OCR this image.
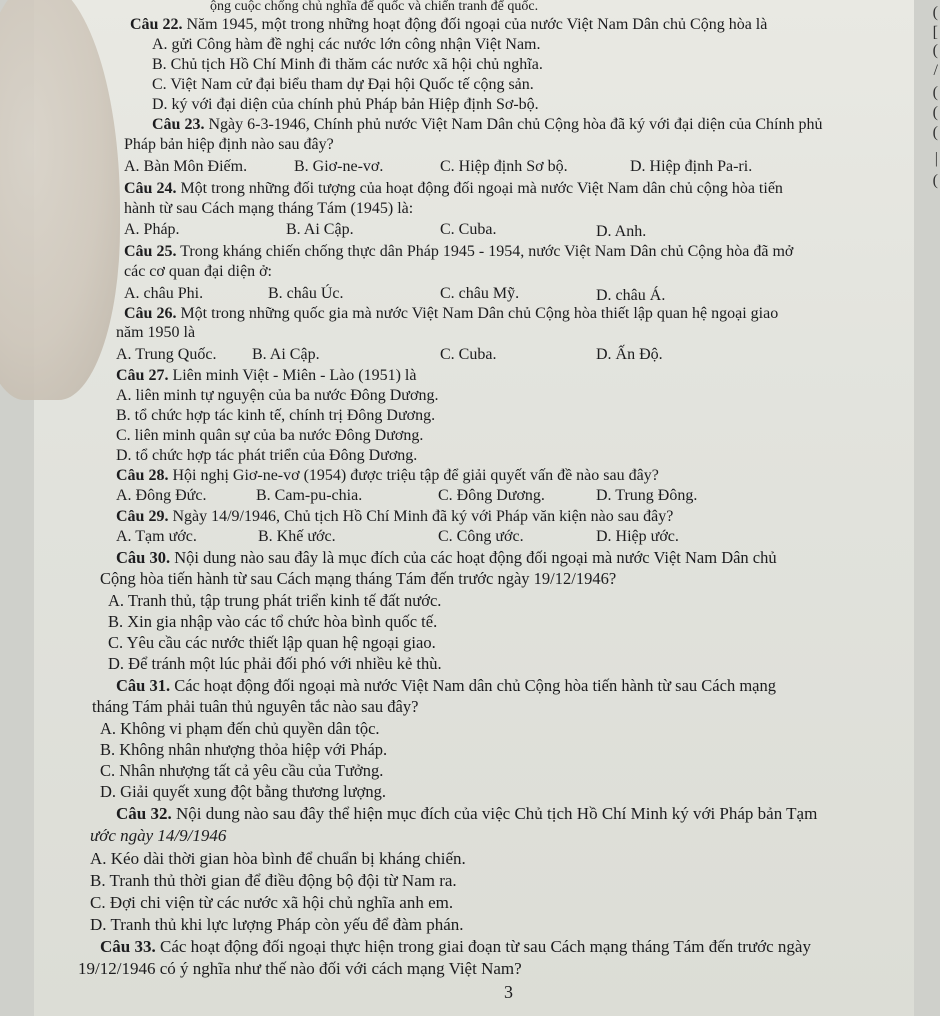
(
[
(
/
(
(
(
|
(
ộng cuộc chống chủ nghĩa đế quốc và chiến tranh để quốc.
Câu 22. Năm 1945, một trong những hoạt động đối ngoại của nước Việt Nam Dân chủ Cộng hòa là
A. gửi Công hàm đề nghị các nước lớn công nhận Việt Nam.
B. Chủ tịch Hồ Chí Minh đi thăm các nước xã hội chủ nghĩa.
C. Việt Nam cử đại biểu tham dự Đại hội Quốc tế cộng sản.
D. ký với đại diện của chính phủ Pháp bản Hiệp định Sơ-bộ.
Câu 23. Ngày 6-3-1946, Chính phủ nước Việt Nam Dân chủ Cộng hòa đã ký với đại diện của Chính phủ
Pháp bản hiệp định nào sau đây?
A. Bàn Môn Điếm.	B. Giơ-ne-vơ.	C. Hiệp định Sơ bộ.	D. Hiệp định Pa-ri.
Câu 24. Một trong những đối tượng của hoạt động đối ngoại mà nước Việt Nam dân chủ cộng hòa tiến
hành từ sau Cách mạng tháng Tám (1945) là:
A. Pháp.	B. Ai Cập.	C. Cuba.	D. Anh.
Câu 25. Trong kháng chiến chống thực dân Pháp 1945 - 1954, nước Việt Nam Dân chủ Cộng hòa đã mở
các cơ quan đại diện ở:
A. châu Phi.	B. châu Úc.	C. châu Mỹ.	D. châu Á.
Câu 26. Một trong những quốc gia mà nước Việt Nam Dân chủ Cộng hòa thiết lập quan hệ ngoại giao
năm 1950 là
A. Trung Quốc. B. Ai Cập.	C. Cuba.	D. Ấn Độ.
Câu 27. Liên minh Việt - Miên - Lào (1951) là
A. liên minh tự nguyện của ba nước Đông Dương.
B. tổ chức hợp tác kinh tế, chính trị Đông Dương.
C. liên minh quân sự của ba nước Đông Dương.
D. tổ chức hợp tác phát triển của Đông Dương.
Câu 28. Hội nghị Giơ-ne-vơ (1954) được triệu tập để giải quyết vấn đề nào sau đây?
A. Đông Đức.	B. Cam-pu-chia.	C. Đông Dương.	D. Trung Đông.
Câu 29. Ngày 14/9/1946, Chủ tịch Hồ Chí Minh đã ký với Pháp văn kiện nào sau đây?
A. Tạm ước.	B. Khế ước.	C. Công ước.	D. Hiệp ước.
Câu 30. Nội dung nào sau đây là mục đích của các hoạt động đối ngoại mà nước Việt Nam Dân chủ
Cộng hòa tiến hành từ sau Cách mạng tháng Tám đến trước ngày 19/12/1946?
A. Tranh thủ, tập trung phát triển kinh tế đất nước.
B. Xin gia nhập vào các tổ chức hòa bình quốc tế.
C. Yêu cầu các nước thiết lập quan hệ ngoại giao.
D. Để tránh một lúc phải đối phó với nhiều kẻ thù.
Câu 31. Các hoạt động đối ngoại mà nước Việt Nam dân chủ Cộng hòa tiến hành từ sau Cách mạng
tháng Tám phải tuân thủ nguyên tắc nào sau đây?
A. Không vi phạm đến chủ quyền dân tộc.
B. Không nhân nhượng thỏa hiệp với Pháp.
C. Nhân nhượng tất cả yêu cầu của Tưởng.
D. Giải quyết xung đột bằng thương lượng.
Câu 32. Nội dung nào sau đây thể hiện mục đích của việc Chủ tịch Hồ Chí Minh ký với Pháp bản Tạm
ước ngày 14/9/1946
A. Kéo dài thời gian hòa bình để chuẩn bị kháng chiến.
B. Tranh thủ thời gian để điều động bộ đội từ Nam ra.
C. Đợi chi viện từ các nước xã hội chủ nghĩa anh em.
D. Tranh thủ khi lực lượng Pháp còn yếu để đàm phán.
Câu 33. Các hoạt động đối ngoại thực hiện trong giai đoạn từ sau Cách mạng tháng Tám đến trước ngày
19/12/1946 có ý nghĩa như thế nào đối với cách mạng Việt Nam?
3
